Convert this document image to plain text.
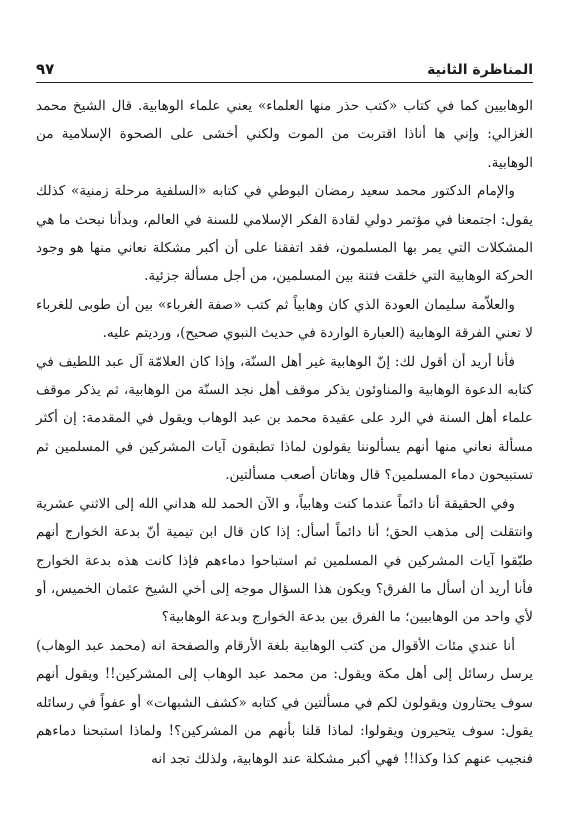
٩٧	المناظرة الثانية

الوهابيين كما في كتاب «كتب حذر منها العلماء» يعني علماء الوهابية. قال الشيخ محمد الغزالي: وإني ها أناذا اقتربت من الموت ولكني أخشى على الصحوة الإسلامية من الوهابية.

والإمام الدكتور محمد سعيد رمضان البوطي في كتابه «السلفية مرحلة زمنية» كذلك يقول: اجتمعنا في مؤتمر دولي لقادة الفكر الإسلامي للسنة في العالم، وبدأنا نبحث ما هي المشكلات التي يمر بها المسلمون، فقد اتفقنا على أن أكبر مشكلة نعاني منها هو وجود الحركة الوهابية التي خلقت فتنة بين المسلمين، من أجل مسألة جزئية.

والعلاّمة سليمان العودة الذي كان وهابياً ثم كتب «صفة الغرباء» بين أن طوبى للغرباء لا تعني الفرقة الوهابية (العبارة الواردة في حديث النبوي صحيح)، ورديتم عليه.

فأنا أريد أن أقول لك: إنّ الوهابية غير أهل السنّة، وإذا كان العلامّة آل عبد اللطيف في كتابه الدعوة الوهابية والمناوئون يذكر موقف أهل نجد السنّة من الوهابية، ثم يذكر موقف علماء أهل السنة في الرد على عقيدة محمد بن عبد الوهاب ويقول في المقدمة: إن أكثر مسألة نعاني منها أنهم يسألوننا يقولون لماذا تطبقون آيات المشركين في المسلمين ثم تستبيحون دماء المسلمين؟ قال وهاتان أصعب مسألتين.

وفي الحقيقة أنا دائماً عندما كنت وهابياً، و الآن الحمد لله هداني الله إلى الاثني عشرية وانتقلت إلى مذهب الحق؛ أنا دائماً أسأل: إذا كان قال ابن تيمية أنّ بدعة الخوارج أنهم طبّقوا آيات المشركين في المسلمين ثم استباحوا دماءهم فإذا كانت هذه بدعة الخوارج فأنا أريد أن أسأل ما الفرق؟ ويكون هذا السؤال موجه إلى أخي الشيخ عثمان الخميس، أو لأي واحد من الوهابيين؛ ما الفرق بين بدعة الخوارج وبدعة الوهابية؟

أنا عندي مئات الأقوال من كتب الوهابية بلغة الأرقام والصفحة انه (محمد عبد الوهاب) يرسل رسائل إلى أهل مكة ويقول: من محمد عبد الوهاب إلى المشركين!! ويقول أنهم سوف يحتارون ويقولون لكم في مسألتين في كتابه «كشف الشبهات» أو عفواً في رسائله يقول: سوف يتحيرون ويقولوا: لماذا قلنا بأنهم من المشركين؟! ولماذا استبحنا دماءهم فنجيب عنهم كذا وكذا!! فهي أكبر مشكلة عند الوهابية، ولذلك تجد انه
